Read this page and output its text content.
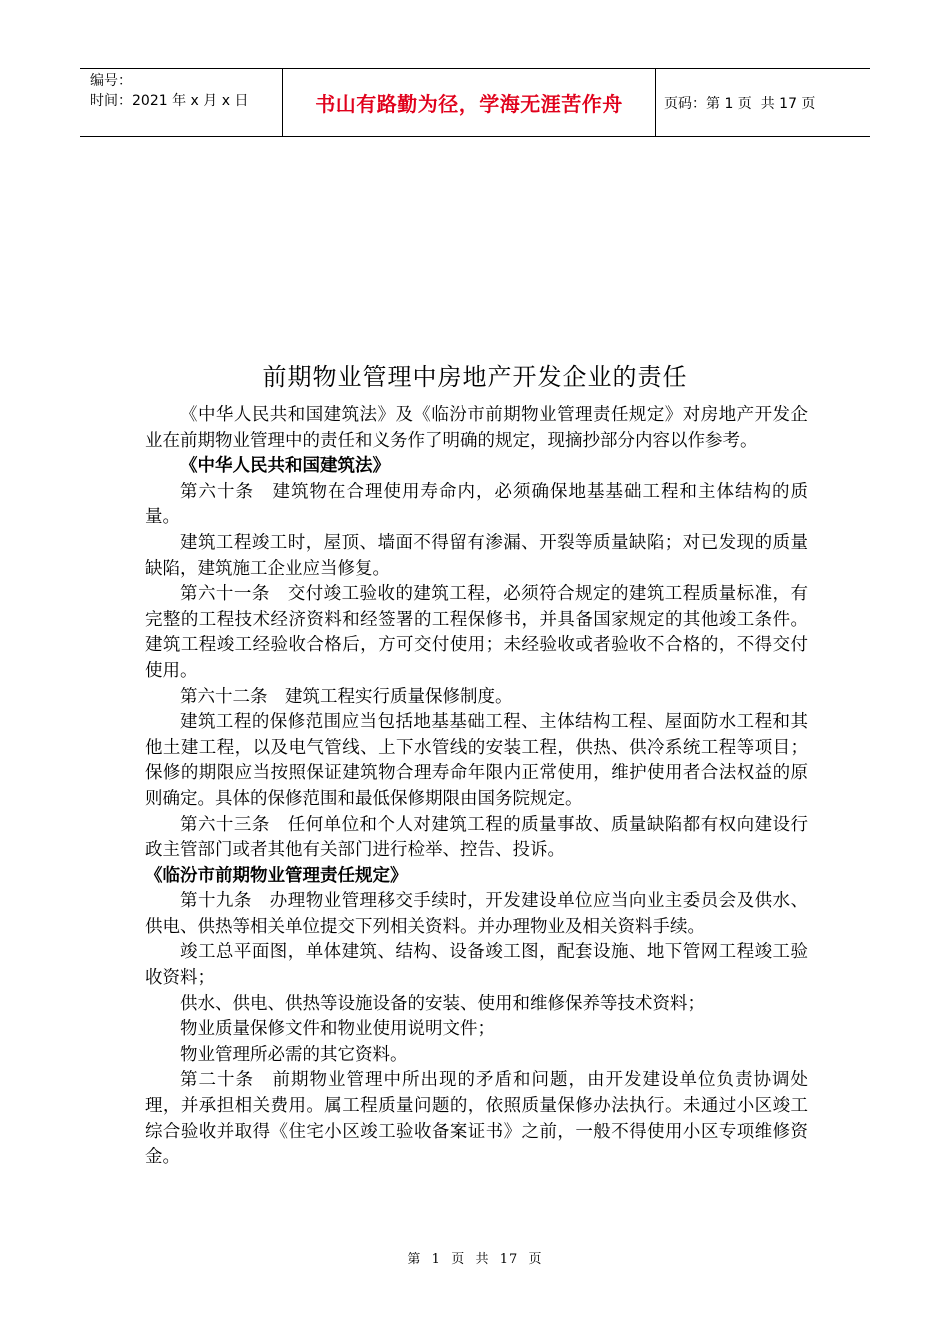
编号：
时间：2021 年 x 月 x 日	书山有路勤为径，学海无涯苦作舟	页码：第 1 页  共 17 页
前期物业管理中房地产开发企业的责任

《中华人民共和国建筑法》及《临汾市前期物业管理责任规定》对房地产开发企业在前期物业管理中的责任和义务作了明确的规定，现摘抄部分内容以作参考。

《中华人民共和国建筑法》

第六十条　建筑物在合理使用寿命内，必须确保地基基础工程和主体结构的质量。

建筑工程竣工时，屋顶、墙面不得留有渗漏、开裂等质量缺陷；对已发现的质量缺陷，建筑施工企业应当修复。

第六十一条　交付竣工验收的建筑工程，必须符合规定的建筑工程质量标准，有完整的工程技术经济资料和经签署的工程保修书，并具备国家规定的其他竣工条件。建筑工程竣工经验收合格后，方可交付使用；未经验收或者验收不合格的，不得交付使用。

第六十二条　建筑工程实行质量保修制度。

建筑工程的保修范围应当包括地基基础工程、主体结构工程、屋面防水工程和其他土建工程，以及电气管线、上下水管线的安装工程，供热、供冷系统工程等项目；保修的期限应当按照保证建筑物合理寿命年限内正常使用，维护使用者合法权益的原则确定。具体的保修范围和最低保修期限由国务院规定。

第六十三条　任何单位和个人对建筑工程的质量事故、质量缺陷都有权向建设行政主管部门或者其他有关部门进行检举、控告、投诉。

《临汾市前期物业管理责任规定》

第十九条　办理物业管理移交手续时，开发建设单位应当向业主委员会及供水、供电、供热等相关单位提交下列相关资料。并办理物业及相关资料手续。

竣工总平面图，单体建筑、结构、设备竣工图，配套设施、地下管网工程竣工验收资料；

供水、供电、供热等设施设备的安装、使用和维修保养等技术资料；

物业质量保修文件和物业使用说明文件；

物业管理所必需的其它资料。

第二十条　前期物业管理中所出现的矛盾和问题，由开发建设单位负责协调处理，并承担相关费用。属工程质量问题的，依照质量保修办法执行。未通过小区竣工综合验收并取得《住宅小区竣工验收备案证书》之前，一般不得使用小区专项维修资金。

第  1  页  共  17  页
